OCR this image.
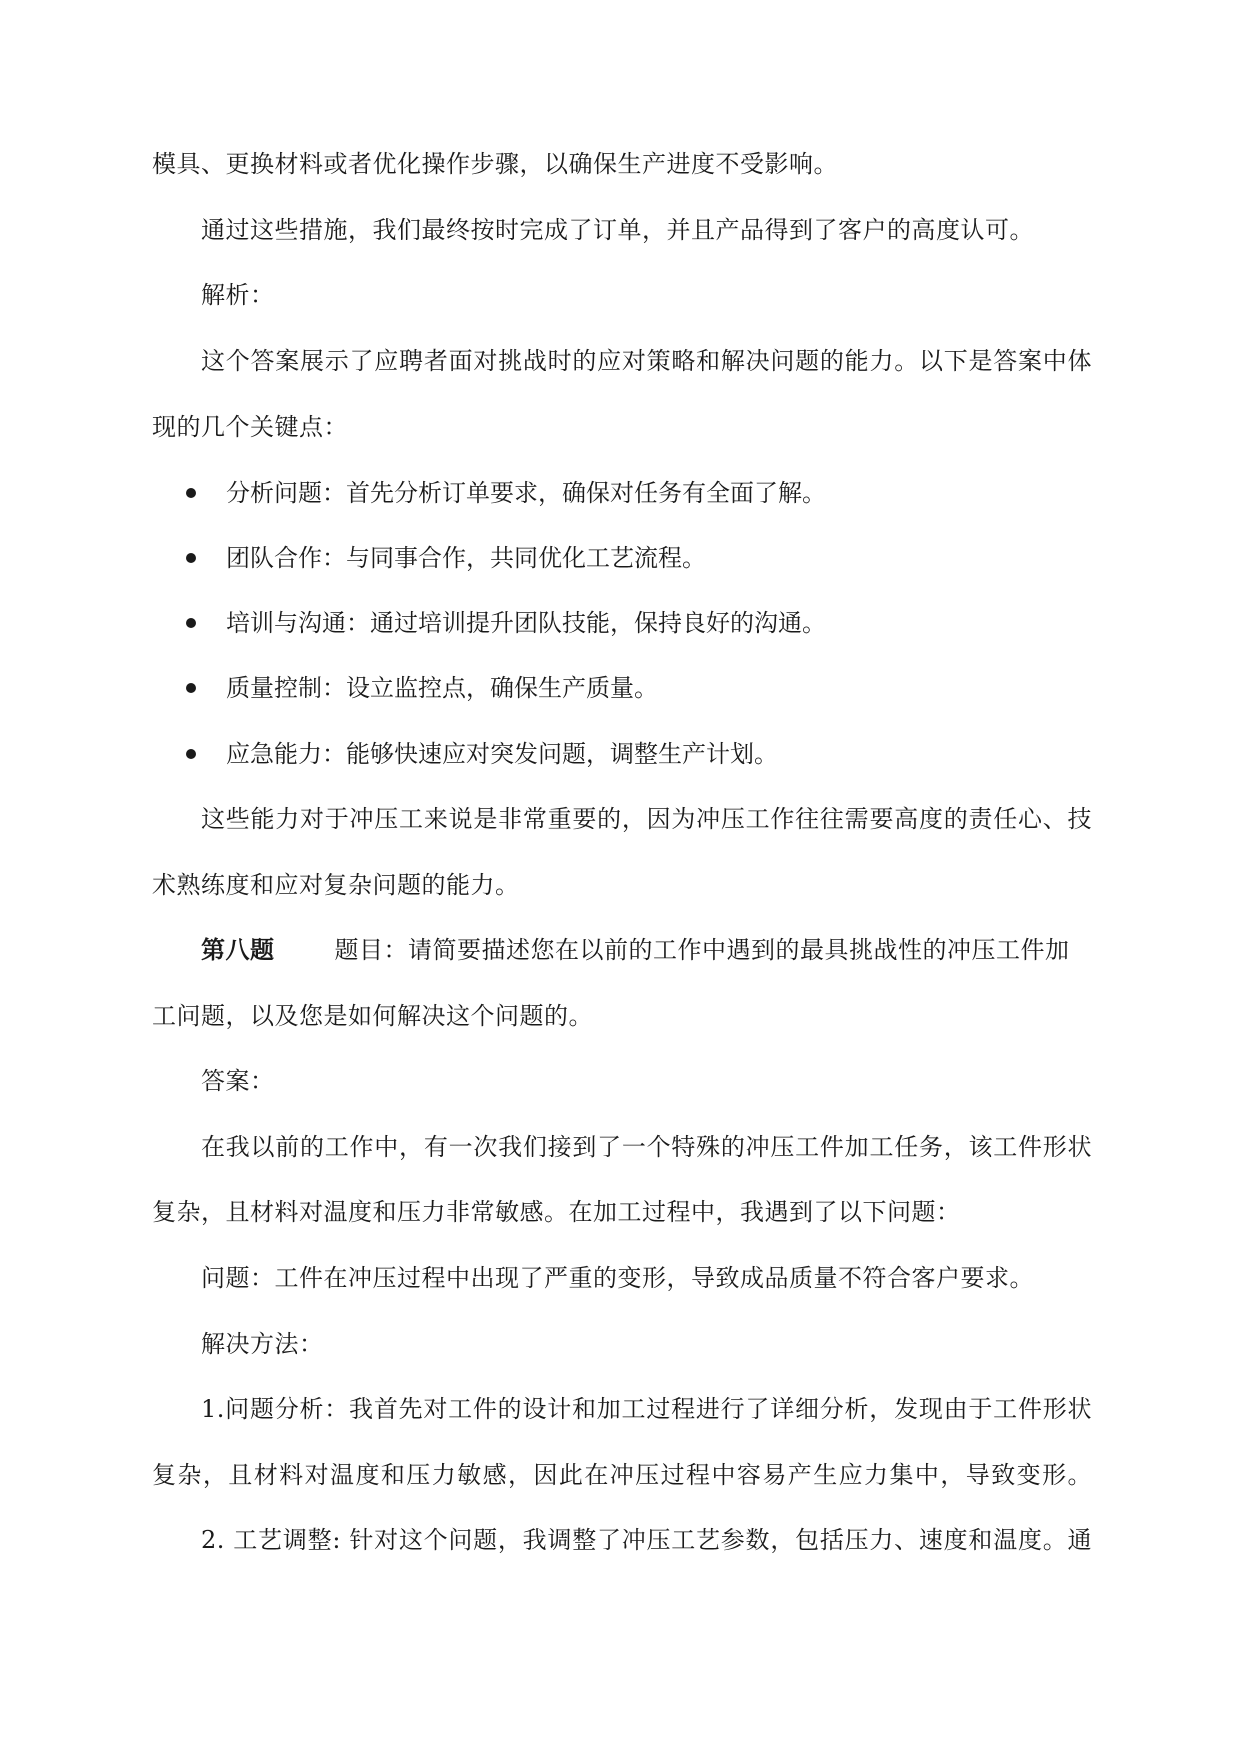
模具、更换材料或者优化操作步骤，以确保生产进度不受影响。
通过这些措施，我们最终按时完成了订单，并且产品得到了客户的高度认可。
解析：
这个答案展示了应聘者面对挑战时的应对策略和解决问题的能力。以下是答案中体
现的几个关键点：
分析问题：首先分析订单要求，确保对任务有全面了解。
团队合作：与同事合作，共同优化工艺流程。
培训与沟通：通过培训提升团队技能，保持良好的沟通。
质量控制：设立监控点，确保生产质量。
应急能力：能够快速应对突发问题，调整生产计划。
这些能力对于冲压工来说是非常重要的，因为冲压工作往往需要高度的责任心、技
术熟练度和应对复杂问题的能力。
第八题	题目：请简要描述您在以前的工作中遇到的最具挑战性的冲压工件加
工问题，以及您是如何解决这个问题的。
答案：
在我以前的工作中，有一次我们接到了一个特殊的冲压工件加工任务，该工件形状
复杂，且材料对温度和压力非常敏感。在加工过程中，我遇到了以下问题：
问题：工件在冲压过程中出现了严重的变形，导致成品质量不符合客户要求。
解决方法：
1.问题分析：我首先对工件的设计和加工过程进行了详细分析，发现由于工件形状
复杂，且材料对温度和压力敏感，因此在冲压过程中容易产生应力集中，导致变形。
2. 工艺调整: 针对这个问题，我调整了冲压工艺参数，包括压力、速度和温度。通
